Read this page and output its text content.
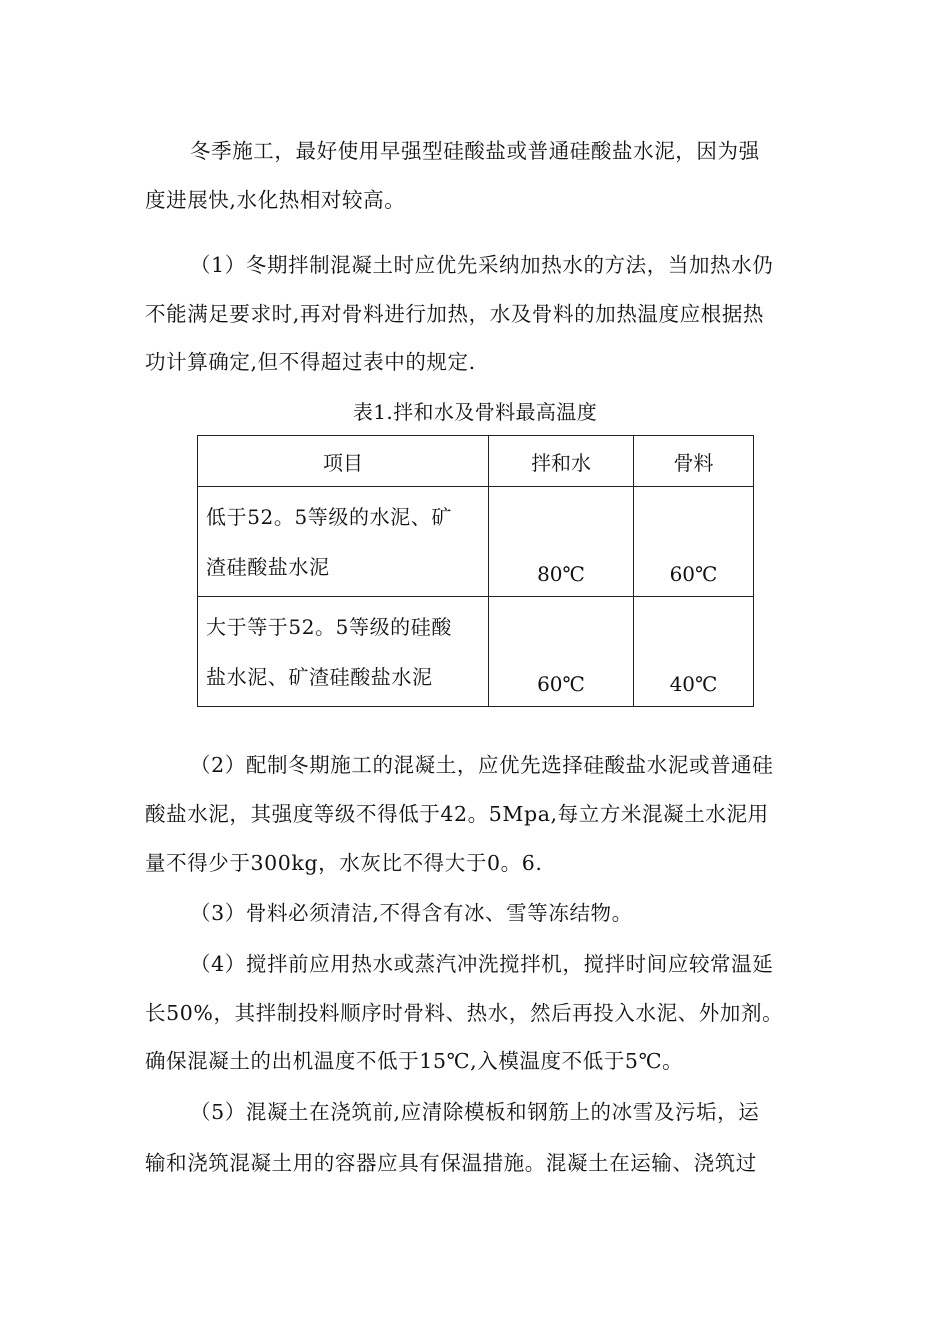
冬季施工，最好使用早强型硅酸盐或普通硅酸盐水泥，因为强
度进展快,水化热相对较高。
（1）冬期拌制混凝土时应优先采纳加热水的方法，当加热水仍
不能满足要求时,再对骨料进行加热，水及骨料的加热温度应根据热
功计算确定,但不得超过表中的规定.
表1.拌和水及骨料最高温度
项目	拌和水	骨料

低于52。5等级的水泥、矿
渣硅酸盐水泥	80℃	60℃

大于等于52。5等级的硅酸
盐水泥、矿渣硅酸盐水泥	60℃	40℃
（2）配制冬期施工的混凝土，应优先选择硅酸盐水泥或普通硅
酸盐水泥，其强度等级不得低于42。5Mpa,每立方米混凝土水泥用
量不得少于300kg，水灰比不得大于0。6.
（3）骨料必须清洁,不得含有冰、雪等冻结物。
（4）搅拌前应用热水或蒸汽冲洗搅拌机，搅拌时间应较常温延
长50%，其拌制投料顺序时骨料、热水，然后再投入水泥、外加剂。
确保混凝土的出机温度不低于15℃,入模温度不低于5℃。
（5）混凝土在浇筑前,应清除模板和钢筋上的冰雪及污垢，运
输和浇筑混凝土用的容器应具有保温措施。混凝土在运输、浇筑过
